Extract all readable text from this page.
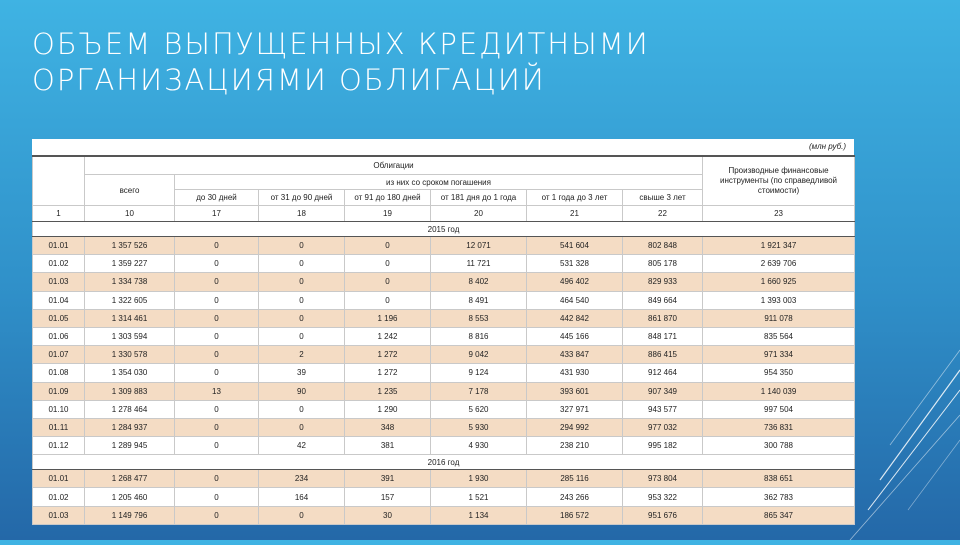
ОБЪЕМ ВЫПУЩЕННЫХ КРЕДИТНЫМИ ОРГАНИЗАЦИЯМИ ОБЛИГАЦИЙ
(млн руб.)
	Облигации							Производные финансовые инструменты (по справедливой стоимости)
	всего	из них со сроком погашения						
		до 30 дней	от 31 до 90 дней	от 91 до 180 дней	от 181 дня до 1 года	от 1 года до 3 лет	свыше 3 лет	
1	10	17	18	19	20	21	22	23
2015 год								
01.01	1 357 526	0	0	0	12 071	541 604	802 848	1 921 347
01.02	1 359 227	0	0	0	11 721	531 328	805 178	2 639 706
01.03	1 334 738	0	0	0	8 402	496 402	829 933	1 660 925
01.04	1 322 605	0	0	0	8 491	464 540	849 664	1 393 003
01.05	1 314 461	0	0	1 196	8 553	442 842	861 870	911 078
01.06	1 303 594	0	0	1 242	8 816	445 166	848 171	835 564
01.07	1 330 578	0	2	1 272	9 042	433 847	886 415	971 334
01.08	1 354 030	0	39	1 272	9 124	431 930	912 464	954 350
01.09	1 309 883	13	90	1 235	7 178	393 601	907 349	1 140 039
01.10	1 278 464	0	0	1 290	5 620	327 971	943 577	997 504
01.11	1 284 937	0	0	348	5 930	294 992	977 032	736 831
01.12	1 289 945	0	42	381	4 930	238 210	995 182	300 788
2016 год								
01.01	1 268 477	0	234	391	1 930	285 116	973 804	838 651
01.02	1 205 460	0	164	157	1 521	243 266	953 322	362 783
01.03	1 149 796	0	0	30	1 134	186 572	951 676	865 347
